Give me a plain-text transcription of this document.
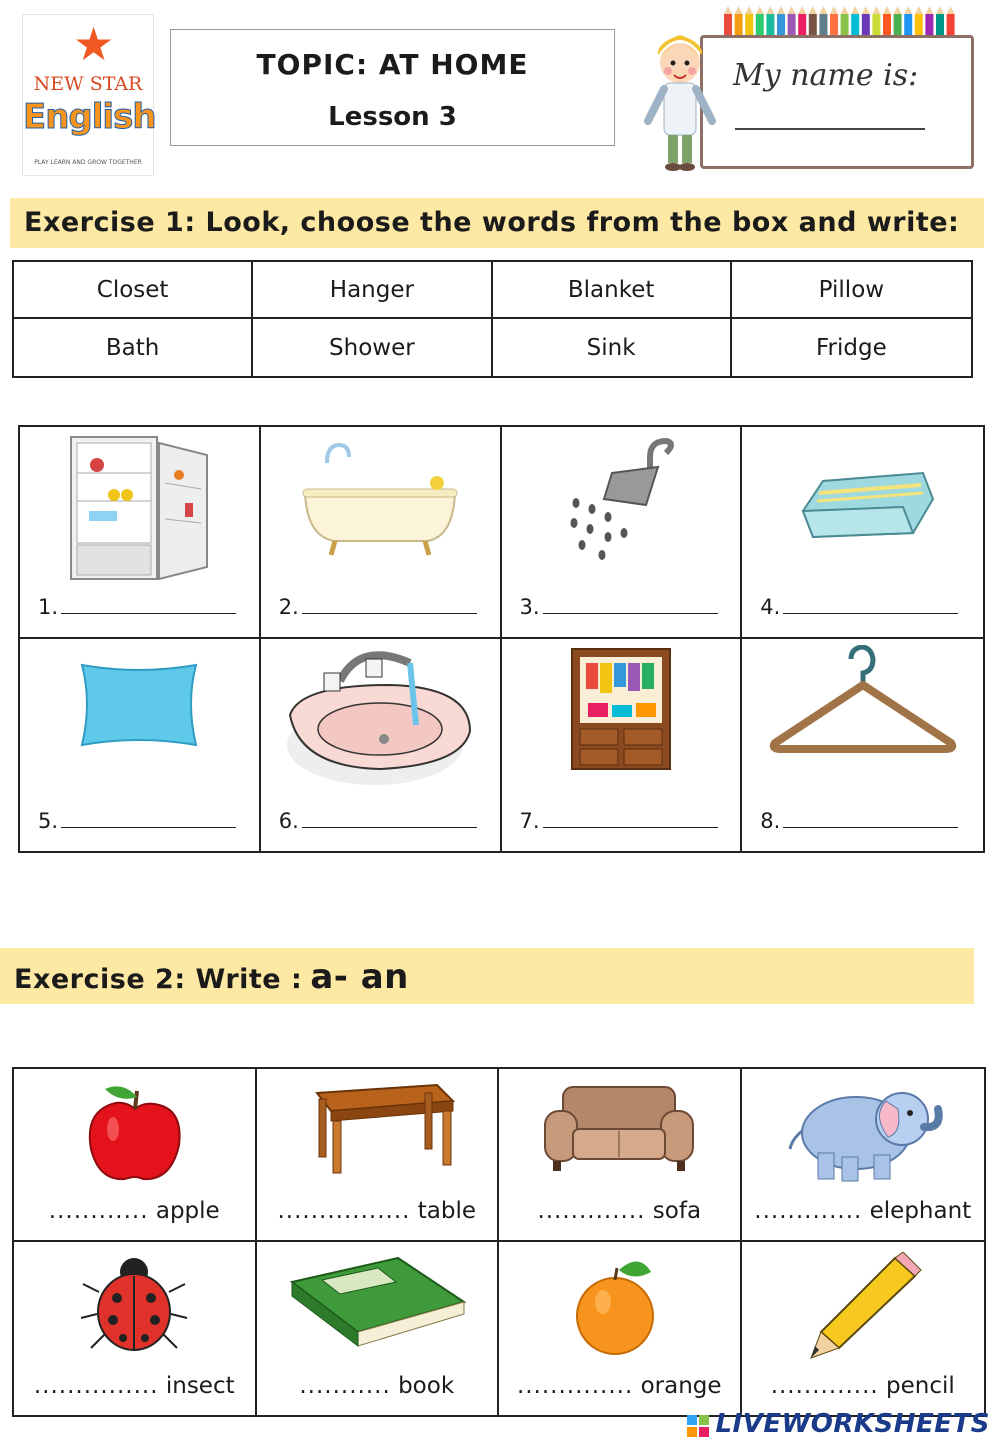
★
NEW STAR
English
PLAY LEARN AND GROW TOGETHER
TOPIC: AT HOME
Lesson 3
My name is:
Exercise 1: Look, choose the words from the box and write:
Closet	Hanger	Blanket	Pillow
Bath	Shower	Sink	Fridge
1.	2.	3.	4.
5.	6.	7.	8.
Exercise 2: Write : a- an
............ apple	................ table	............. sofa	............. elephant
............... insect	........... book	.............. orange	............. pencil
LIVEWORKSHEETS
